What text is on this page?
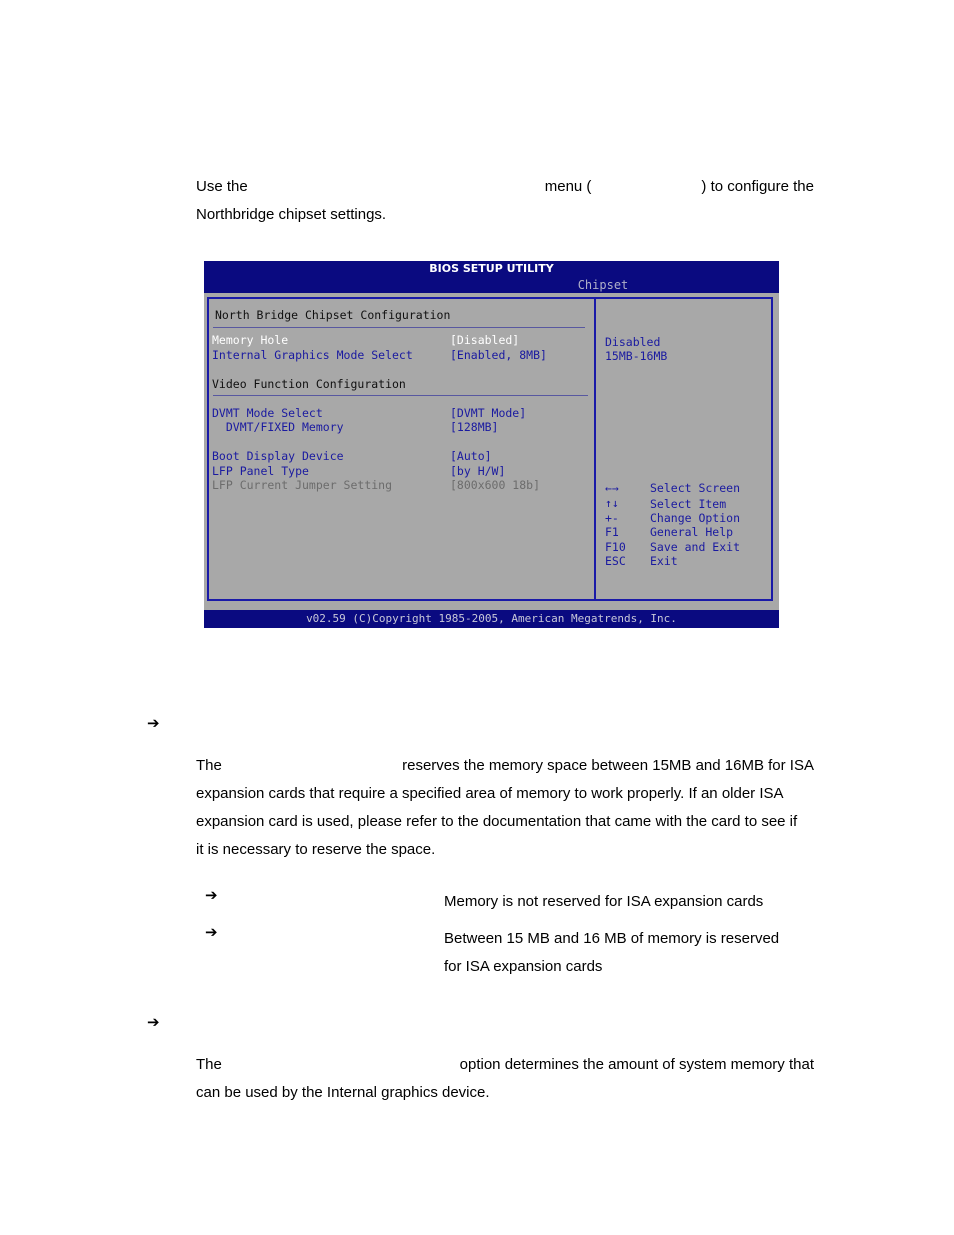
Use the	menu (	) to configure the
Northbridge chipset settings.
BIOS SETUP UTILITY
Chipset
North Bridge Chipset Configuration
Memory Hole	[Disabled]
Internal Graphics Mode Select	[Enabled, 8MB]
Video Function Configuration
DVMT Mode Select	[DVMT Mode]
DVMT/FIXED Memory	[128MB]
Boot Display Device	[Auto]
LFP Panel Type	[by H/W]
LFP Current Jumper Setting	[800x600 18b]
Disabled
15MB-16MB
←→	Select Screen
↑↓	Select Item
+-	Change Option
F1	General Help
F10 Save and Exit
ESC Exit
v02.59 (C)Copyright 1985-2005, American Megatrends, Inc.
➔
The	reserves the memory space between 15MB and 16MB for ISA
expansion cards that require a specified area of memory to work properly. If an older ISA
expansion card is used, please refer to the documentation that came with the card to see if
it is necessary to reserve the space.
➔	Memory is not reserved for ISA expansion cards
➔	Between 15 MB and 16 MB of memory is reserved
for ISA expansion cards
➔
The	option determines the amount of system memory that
can be used by the Internal graphics device.
